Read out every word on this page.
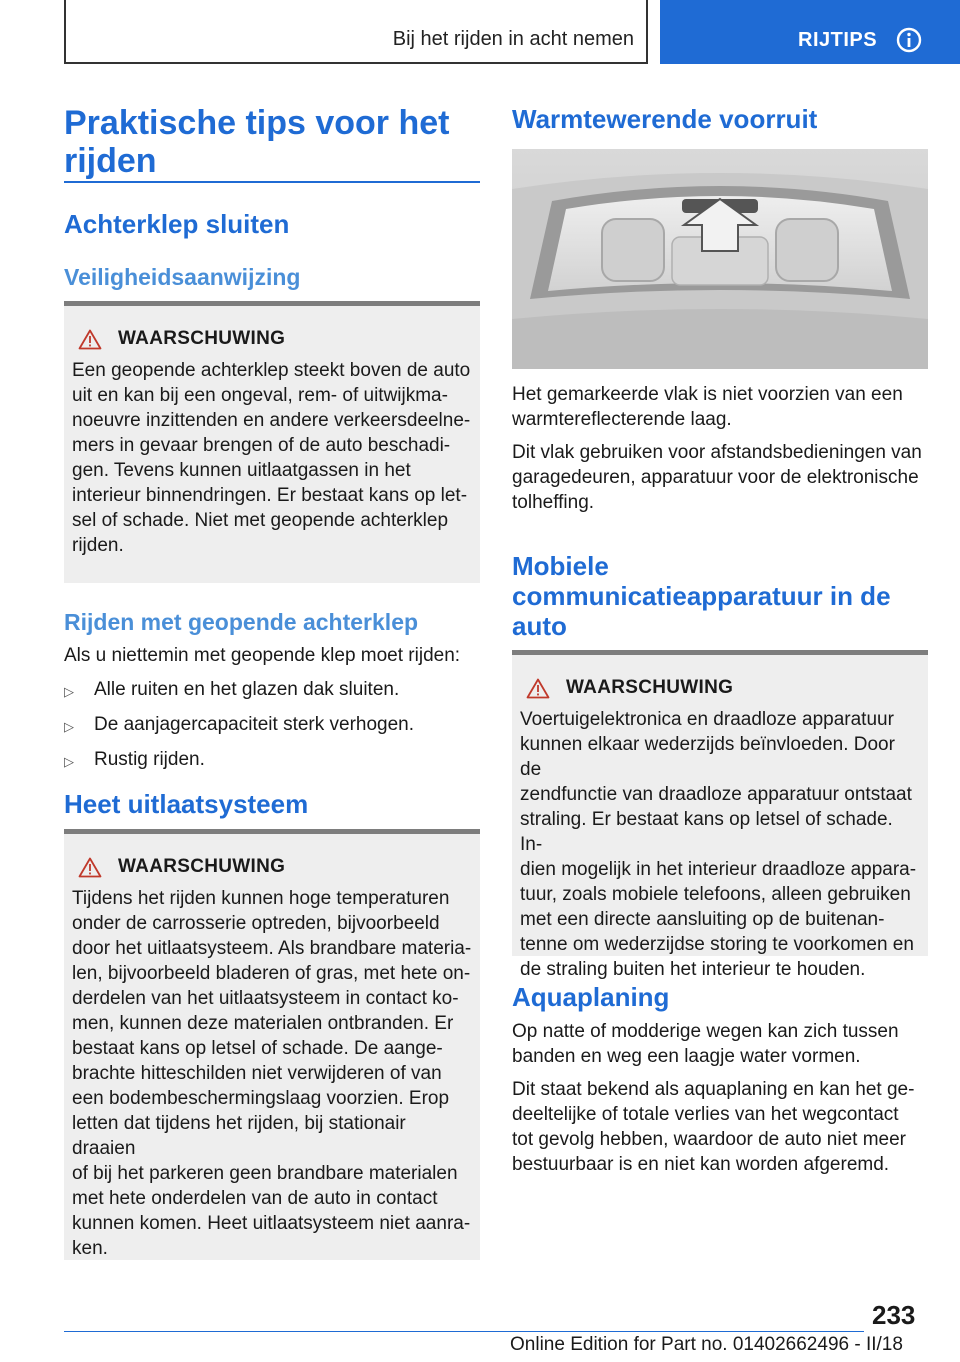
Bij het rijden in acht nemen	RIJTIPS
Praktische tips voor het
rijden
Achterklep sluiten
Veiligheidsaanwijzing
WAARSCHUWING

Een geopende achterklep steekt boven de auto
uit en kan bij een ongeval, rem- of uitwijkma-
noeuvre inzittenden en andere verkeersdeelne-
mers in gevaar brengen of de auto beschadi-
gen. Tevens kunnen uitlaatgassen in het
interieur binnendringen. Er bestaat kans op let-
sel of schade. Niet met geopende achterklep
rijden.

Rijden met geopende achterklep

Als u niettemin met geopende klep moet rijden:

▷	Alle ruiten en het glazen dak sluiten.
▷	De aanjagercapaciteit sterk verhogen.
▷	Rustig rijden.
Heet uitlaatsysteem
WAARSCHUWING

Tijdens het rijden kunnen hoge temperaturen
onder de carrosserie optreden, bijvoorbeeld
door het uitlaatsysteem. Als brandbare materia-
len, bijvoorbeeld bladeren of gras, met hete on-
derdelen van het uitlaatsysteem in contact ko-
men, kunnen deze materialen ontbranden. Er
bestaat kans op letsel of schade. De aange-
brachte hitteschilden niet verwijderen of van
een bodembeschermingslaag voorzien. Erop
letten dat tijdens het rijden, bij stationair draaien
of bij het parkeren geen brandbare materialen
met hete onderdelen van de auto in contact
kunnen komen. Heet uitlaatsysteem niet aanra-
ken.

Warmtewerende voorruit

Het gemarkeerde vlak is niet voorzien van een
warmtereflecterende laag.

Dit vlak gebruiken voor afstandsbedieningen van
garagedeuren, apparatuur voor de elektronische
tolheffing.

Mobiele
communicatieapparatuur in de
auto
WAARSCHUWING

Voertuigelektronica en draadloze apparatuur
kunnen elkaar wederzijds beïnvloeden. Door de
zendfunctie van draadloze apparatuur ontstaat
straling. Er bestaat kans op letsel of schade. In-
dien mogelijk in het interieur draadloze appara-
tuur, zoals mobiele telefoons, alleen gebruiken
met een directe aansluiting op de buitenan-
tenne om wederzijdse storing te voorkomen en
de straling buiten het interieur te houden.

Aquaplaning

Op natte of modderige wegen kan zich tussen
banden en weg een laagje water vormen.

Dit staat bekend als aquaplaning en kan het ge-
deeltelijke of totale verlies van het wegcontact
tot gevolg hebben, waardoor de auto niet meer
bestuurbaar is en niet kan worden afgeremd.

233
Online Edition for Part no. 01402662496 - II/18
